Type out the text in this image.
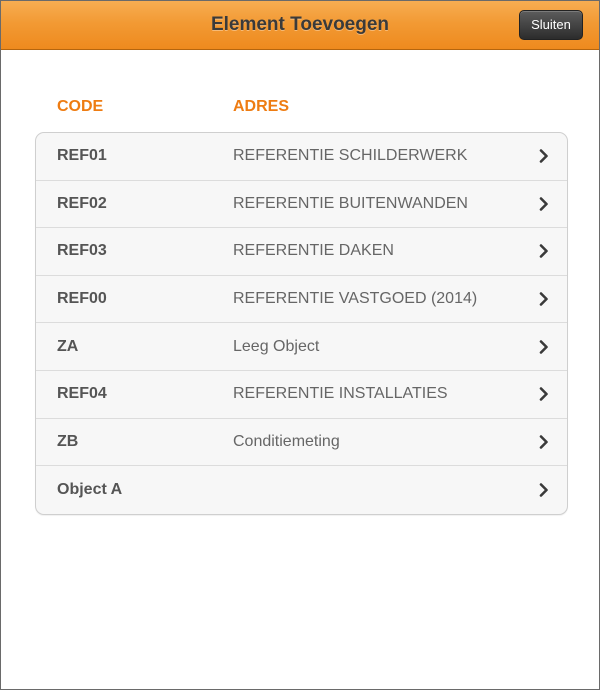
Element Toevoegen	Sluiten
CODE	ADRES
REF01	REFERENTIE SCHILDERWERK
REF02	REFERENTIE BUITENWANDEN
REF03	REFERENTIE DAKEN
REF00	REFERENTIE VASTGOED (2014)
ZA	Leeg Object
REF04	REFERENTIE INSTALLATIES
ZB	Conditiemeting
Object A
